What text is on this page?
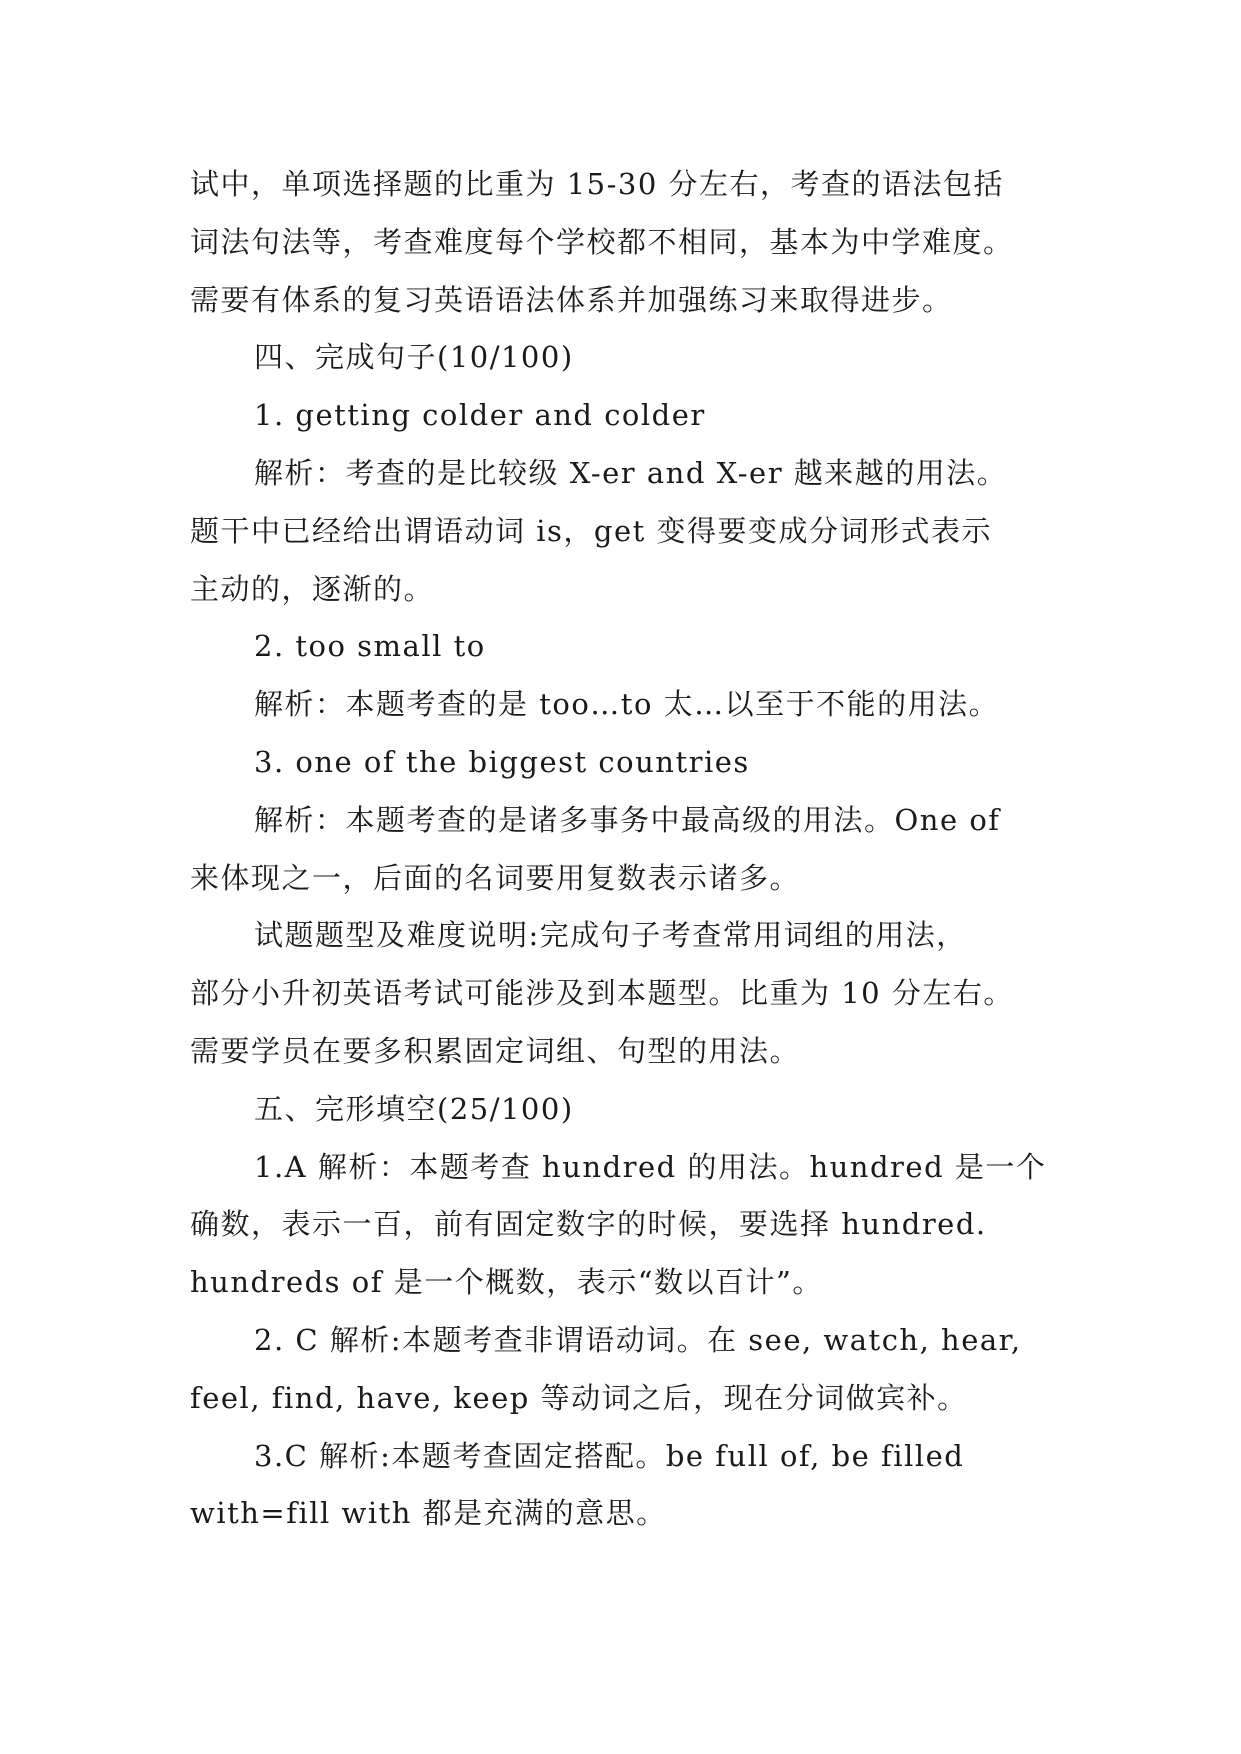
试中，单项选择题的比重为 15-30 分左右，考查的语法包括
词法句法等，考查难度每个学校都不相同，基本为中学难度。
需要有体系的复习英语语法体系并加强练习来取得进步。
四、完成句子(10/100)
1. getting colder and colder
解析：考查的是比较级 X-er and X-er 越来越的用法。
题干中已经给出谓语动词 is，get 变得要变成分词形式表示
主动的，逐渐的。
2. too small to
解析：本题考查的是 too…to 太…以至于不能的用法。
3. one of the biggest countries
解析：本题考查的是诸多事务中最高级的用法。One of
来体现之一，后面的名词要用复数表示诸多。
试题题型及难度说明:完成句子考查常用词组的用法，
部分小升初英语考试可能涉及到本题型。比重为 10 分左右。
需要学员在要多积累固定词组、句型的用法。
五、完形填空(25/100)
1.A 解析：本题考查 hundred 的用法。hundred 是一个
确数，表示一百，前有固定数字的时候，要选择 hundred.
hundreds of 是一个概数，表示“数以百计”。
2. C 解析:本题考查非谓语动词。在 see, watch, hear,
feel, find, have, keep 等动词之后，现在分词做宾补。
3.C 解析:本题考查固定搭配。be full of, be filled
with=fill with 都是充满的意思。
